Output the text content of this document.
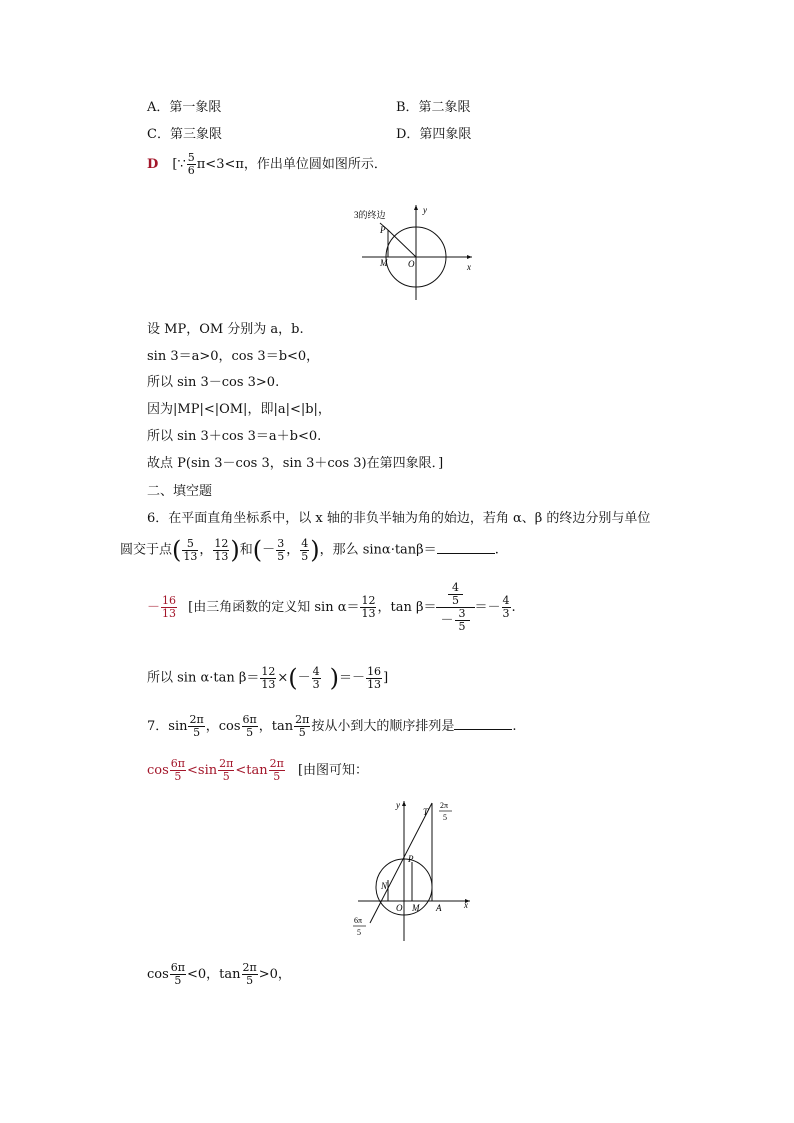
A．第一象限	B．第二象限
C．第三象限	D．第四象限
D [∵ $\frac{5}{6} \pi<3<\pi$，作出单位圆如图所示．
3的终边
P
M O
y
x
设 MP，OM 分别为 a，b.
sin 3＝a>0，cos 3＝b<0，
所以 sin 3－cos 3>0.
因为|MP|<|OM|，即|a|<|b|，
所以 sin 3＋cos 3＝a＋b<0.
故点 P(sin 3－cos 3，sin 3＋cos 3)在第四象限．]
二、填空题
6．在平面直角坐标系中，以 x 轴的非负半轴为角的始边，若角 α、β 的终边分别与单位
圆交于点( $\frac{5}{13}$ ， $\frac{12}{13}$ )和(－ $\frac{3}{5}$ ， $\frac{4}{5}$ )，那么 sinα·tanβ＝	.
－ $\frac{16}{13}$ [由三角函数的定义知 $\sin \alpha= \frac{12}{13}$ ，$\tan \beta= \frac{\frac{4}{5}}{- \frac{3}{5}} =- \frac{4}{3}$ .
所以 sin α·tan $\beta= \frac{12}{13}$ ×(－ $\frac{4}{3}$ )＝－ $\frac{16}{13}$ ]
7．$\sin \frac{2\pi}{5}$ ，$\cos \frac{6\pi}{5}$ ，$\tan \frac{2\pi}{5}$ 按从小到大的顺序排列是	.
$\cos \frac{6\pi}{5} <\sin \frac{2\pi}{5} <\tan \frac{2\pi}{5}$ [由图可知：
y
x
T
P
N
O M A
2π
5
6π
5
$\cos \frac{6\pi}{5} <0$，$\tan \frac{2\pi}{5} >0$，
